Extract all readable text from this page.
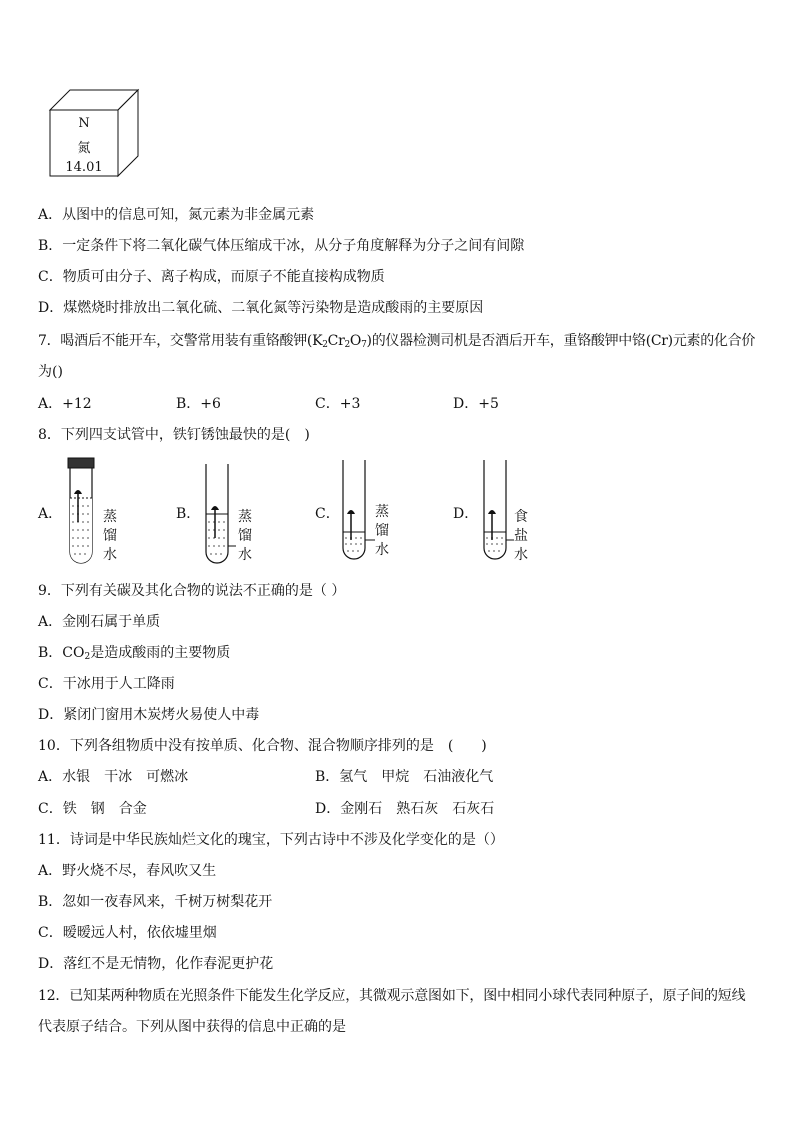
N
氮
14.01
A．从图中的信息可知，氮元素为非金属元素
B．一定条件下将二氧化碳气体压缩成干冰，从分子角度解释为分子之间有间隙
C．物质可由分子、离子构成，而原子不能直接构成物质
D．煤燃烧时排放出二氧化硫、二氧化氮等污染物是造成酸雨的主要原因
7．喝酒后不能开车，交警常用装有重铬酸钾$(K_2Cr_2O_7)$的仪器检测司机是否酒后开车，重铬酸钾中铬(Cr)元素的化合价
为()
A．+12	B．+6	C．+3	D．+5
8．下列四支试管中，铁钉锈蚀最快的是(　)
A．	蒸
馏
水
B．	蒸
馏
水
C．	蒸
馏
水
D．	食
盐
水
9．下列有关碳及其化合物的说法不正确的是（ ）
A．金刚石属于单质
B．$CO_2$是造成酸雨的主要物质
C．干冰用于人工降雨
D．紧闭门窗用木炭烤火易使人中毒
10．下列各组物质中没有按单质、化合物、混合物顺序排列的是　(　　)
A．水银　干冰　可燃冰	B．氢气　甲烷　石油液化气
C．铁　钢　合金	D．金刚石　熟石灰　石灰石
11．诗词是中华民族灿烂文化的瑰宝，下列古诗中不涉及化学变化的是（）
A．野火烧不尽，春风吹又生
B．忽如一夜春风来，千树万树梨花开
C．暧暧远人村，依依墟里烟
D．落红不是无情物，化作春泥更护花
12．已知某两种物质在光照条件下能发生化学反应，其微观示意图如下，图中相同小球代表同种原子，原子间的短线
代表原子结合。下列从图中获得的信息中正确的是
